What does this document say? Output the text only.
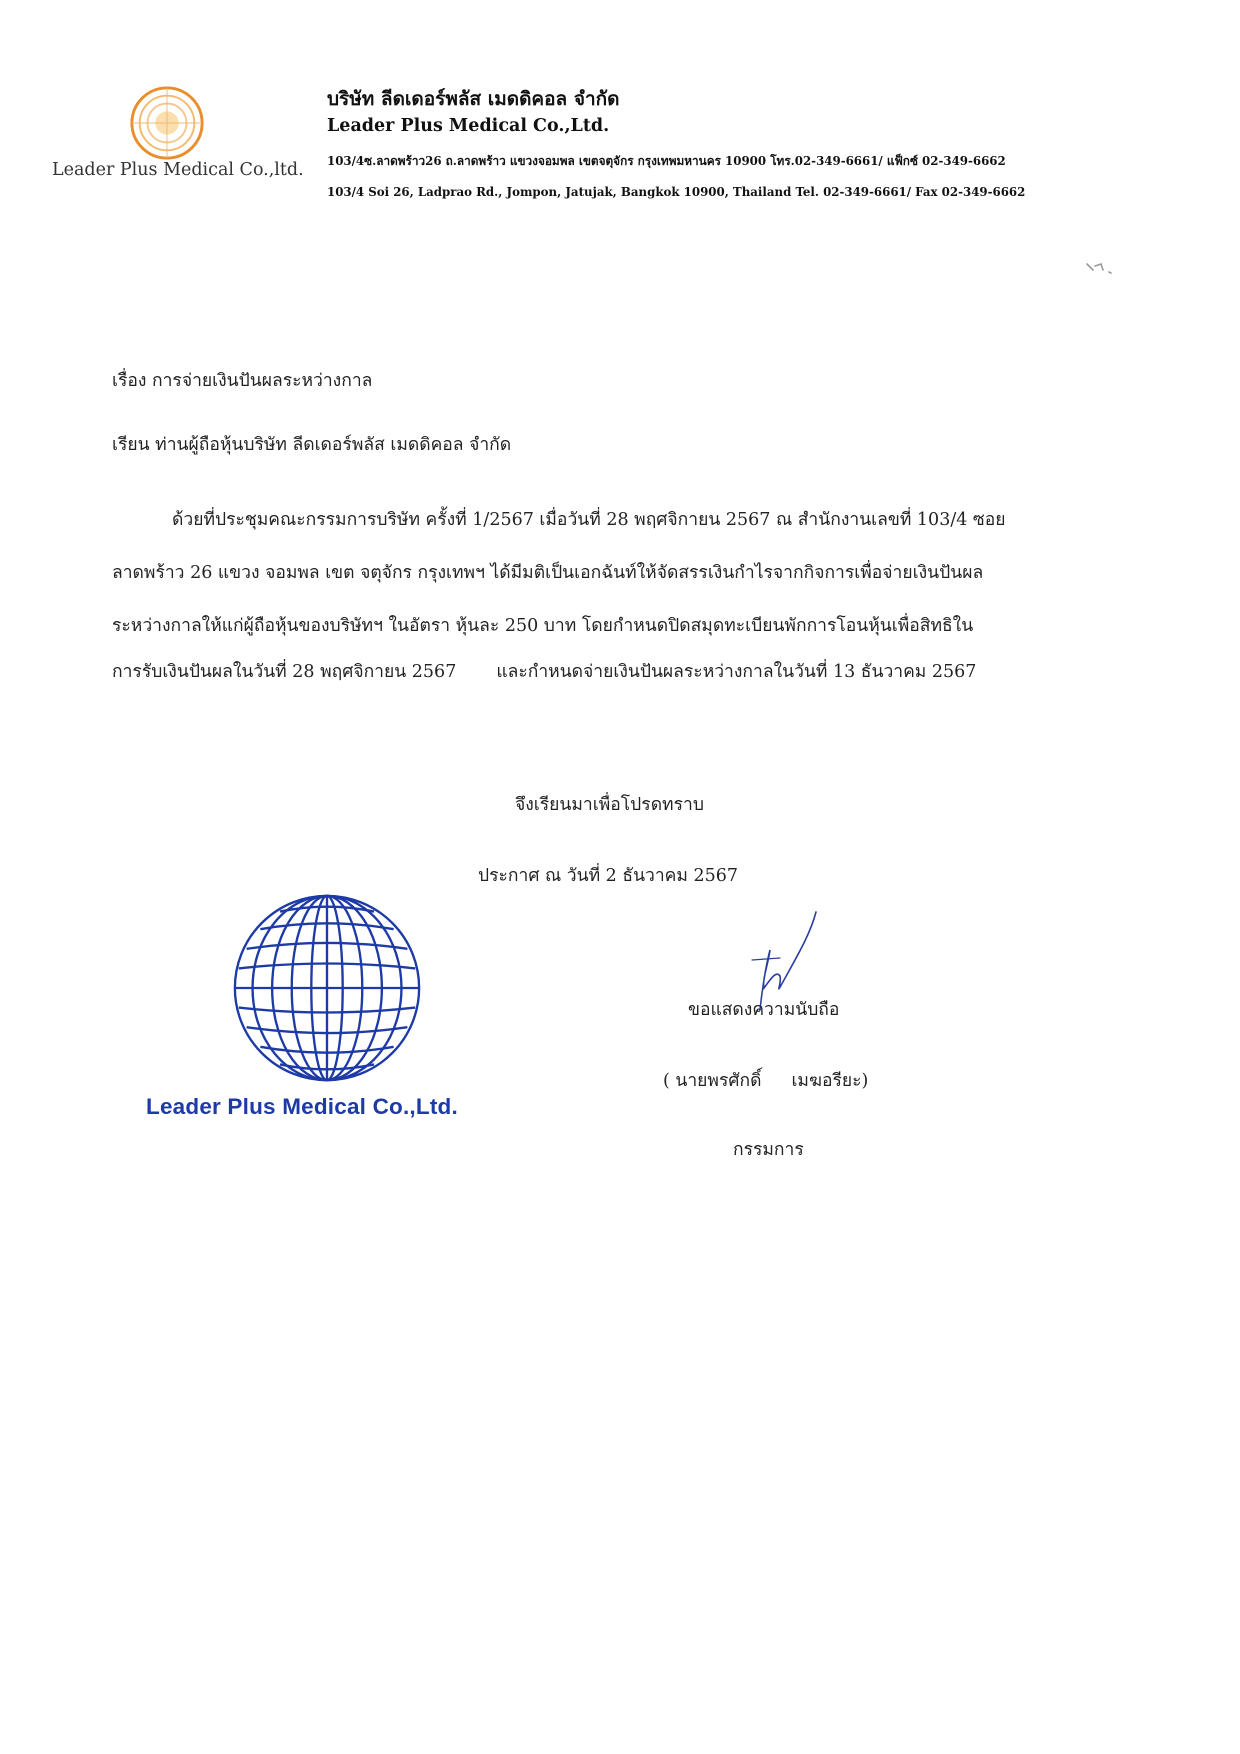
Leader Plus Medical Co.,ltd.
บริษัท ลีดเดอร์พลัส เมดดิคอล จำกัด
Leader Plus Medical Co.,Ltd.
103/4ซ.ลาดพร้าว26 ถ.ลาดพร้าว แขวงจอมพล เขตจตุจักร กรุงเทพมหานคร 10900 โทร.02-349-6661/ แฟ็กซ์ 02-349-6662
103/4 Soi 26, Ladprao Rd., Jompon, Jatujak, Bangkok 10900, Thailand Tel. 02-349-6661/ Fax 02-349-6662
เรื่อง การจ่ายเงินปันผลระหว่างกาล
เรียน ท่านผู้ถือหุ้นบริษัท ลีดเดอร์พลัส เมดดิคอล จำกัด
ด้วยที่ประชุมคณะกรรมการบริษัท ครั้งที่ 1/2567 เมื่อวันที่ 28 พฤศจิกายน 2567 ณ สำนักงานเลขที่ 103/4 ซอย
ลาดพร้าว 26 แขวง จอมพล เขต จตุจักร กรุงเทพฯ ได้มีมติเป็นเอกฉันท์ให้จัดสรรเงินกำไรจากกิจการเพื่อจ่ายเงินปันผล
ระหว่างกาลให้แก่ผู้ถือหุ้นของบริษัทฯ ในอัตรา หุ้นละ 250 บาท โดยกำหนดปิดสมุดทะเบียนพักการโอนหุ้นเพื่อสิทธิใน
การรับเงินปันผลในวันที่ 28 พฤศจิกายน 2567 และกำหนดจ่ายเงินปันผลระหว่างกาลในวันที่ 13 ธันวาคม 2567
จึงเรียนมาเพื่อโปรดทราบ
ประกาศ ณ วันที่ 2 ธันวาคม 2567
Leader Plus Medical Co.,Ltd.
ขอแสดงความนับถือ
( นายพรศักดิ์ เมฆอรียะ)
กรรมการ
